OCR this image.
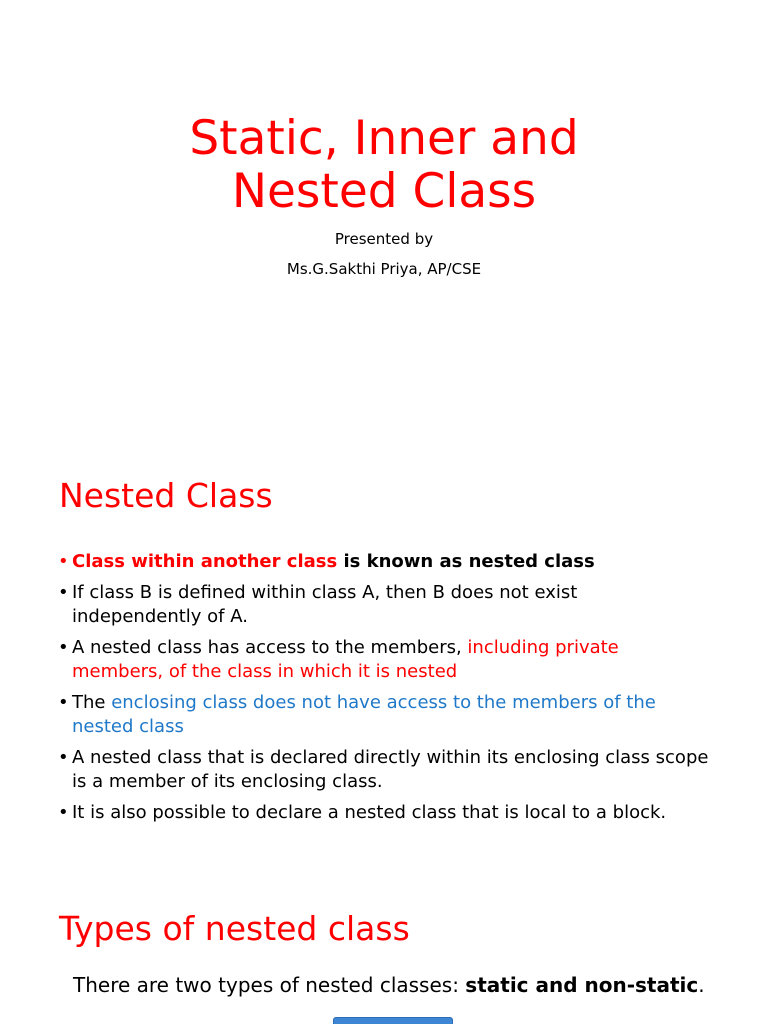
Static, Inner and
Nested Class

Presented by

Ms.G.Sakthi Priya, AP/CSE

Nested Class
• Class within another class is known as nested class
• If class B is defined within class A, then B does not exist independently of A.
• A nested class has access to the members, including private members, of the class in which it is nested
• The enclosing class does not have access to the members of the nested class
• A nested class that is declared directly within its enclosing class scope is a member of its enclosing class.
• It is also possible to declare a nested class that is local to a block.
Types of nested class

There are two types of nested classes: static and non-static.
